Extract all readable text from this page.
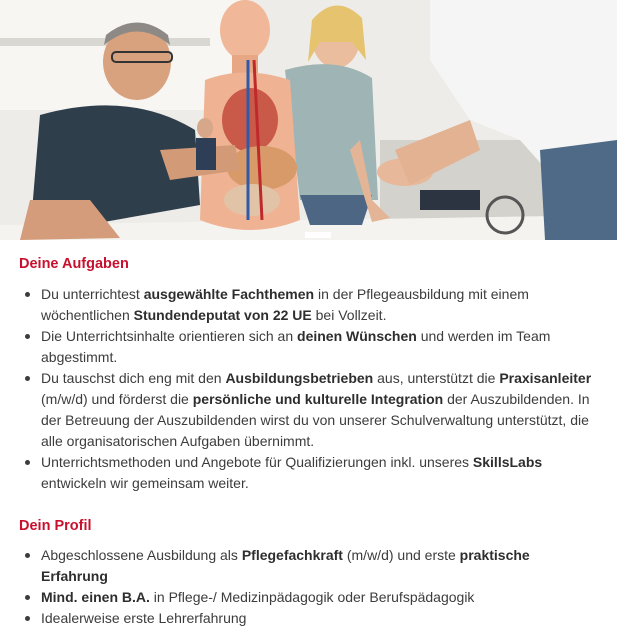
Deine Aufgaben
Du unterrichtest ausgewählte Fachthemen in der Pflegeausbildung mit einem wöchentlichen Stundendeputat von 22 UE bei Vollzeit.
Die Unterrichtsinhalte orientieren sich an deinen Wünschen und werden im Team abgestimmt.
Du tauschst dich eng mit den Ausbildungsbetrieben aus, unterstützt die Praxisanleiter (m/w/d) und förderst die persönliche und kulturelle Integration der Auszubildenden. In der Betreuung der Auszubildenden wirst du von unserer Schulverwaltung unterstützt, die alle organisatorischen Aufgaben übernimmt.
Unterrichtsmethoden und Angebote für Qualifizierungen inkl. unseres SkillsLabs entwickeln wir gemeinsam weiter.
Dein Profil
Abgeschlossene Ausbildung als Pflegefachkraft (m/w/d) und erste praktische Erfahrung
Mind. einen B.A. in Pflege-/ Medizinpädagogik oder Berufspädagogik
Idealerweise erste Lehrerfahrung
